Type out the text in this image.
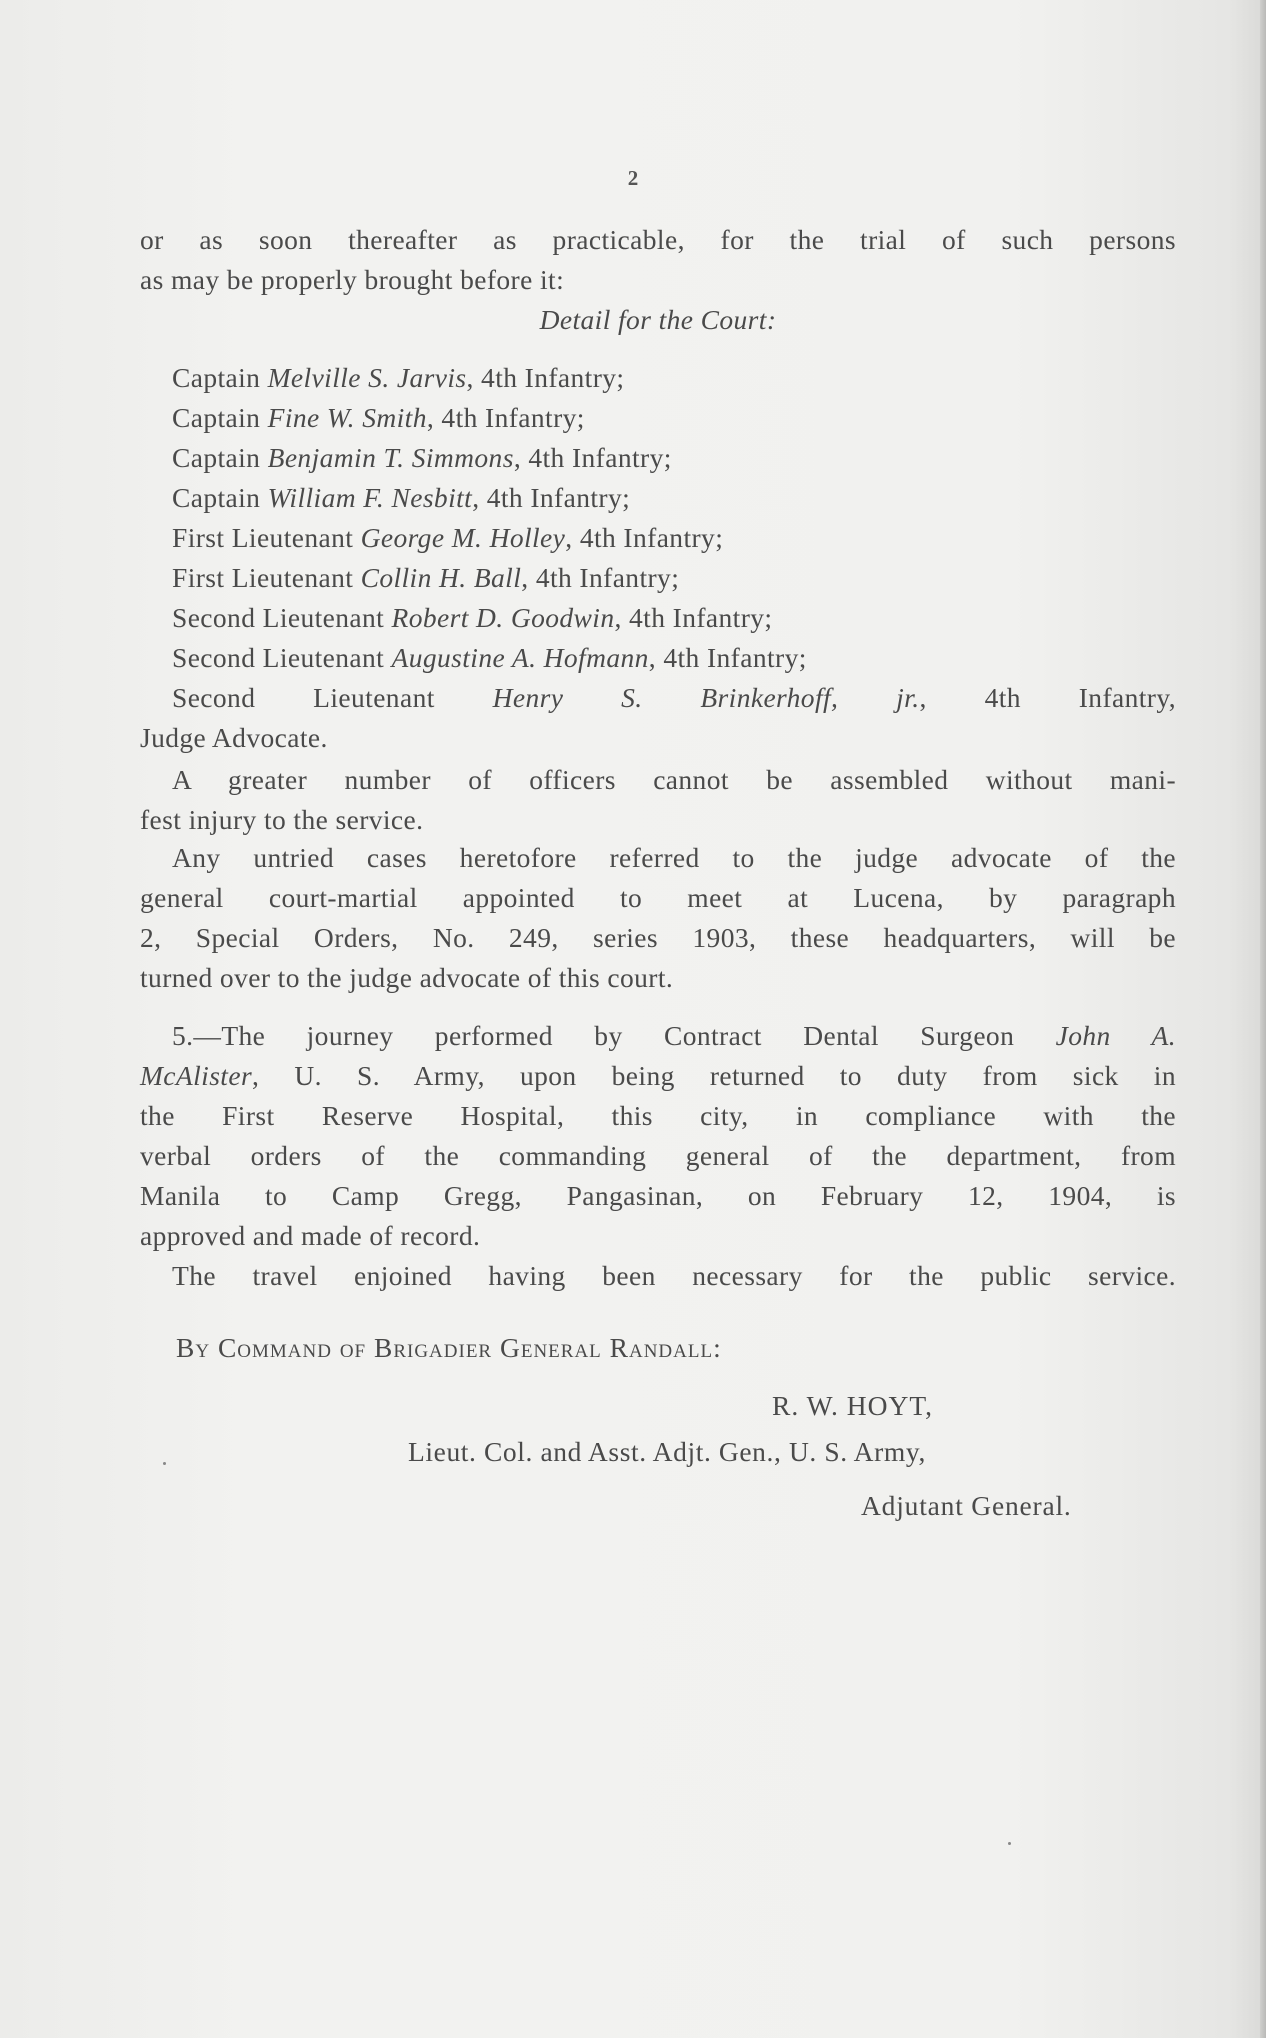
2
or as soon thereafter as practicable, for the trial of such persons
as may be properly brought before it:
Detail for the Court:
Captain Melville S. Jarvis, 4th Infantry;
Captain Fine W. Smith, 4th Infantry;
Captain Benjamin T. Simmons, 4th Infantry;
Captain William F. Nesbitt, 4th Infantry;
First Lieutenant George M. Holley, 4th Infantry;
First Lieutenant Collin H. Ball, 4th Infantry;
Second Lieutenant Robert D. Goodwin, 4th Infantry;
Second Lieutenant Augustine A. Hofmann, 4th Infantry;
Second Lieutenant Henry S. Brinkerhoff, jr., 4th Infantry,
Judge Advocate.
A greater number of officers cannot be assembled without mani-
fest injury to the service.
Any untried cases heretofore referred to the judge advocate of the
general court-martial appointed to meet at Lucena, by paragraph
2, Special Orders, No. 249, series 1903, these headquarters, will be
turned over to the judge advocate of this court.
5.—The journey performed by Contract Dental Surgeon John A.
McAlister, U. S. Army, upon being returned to duty from sick in
the First Reserve Hospital, this city, in compliance with the
verbal orders of the commanding general of the department, from
Manila to Camp Gregg, Pangasinan, on February 12, 1904, is
approved and made of record.
The travel enjoined having been necessary for the public service.
By Command of Brigadier General Randall:
R. W. HOYT,
Lieut. Col. and Asst. Adjt. Gen., U. S. Army,
Adjutant General.
